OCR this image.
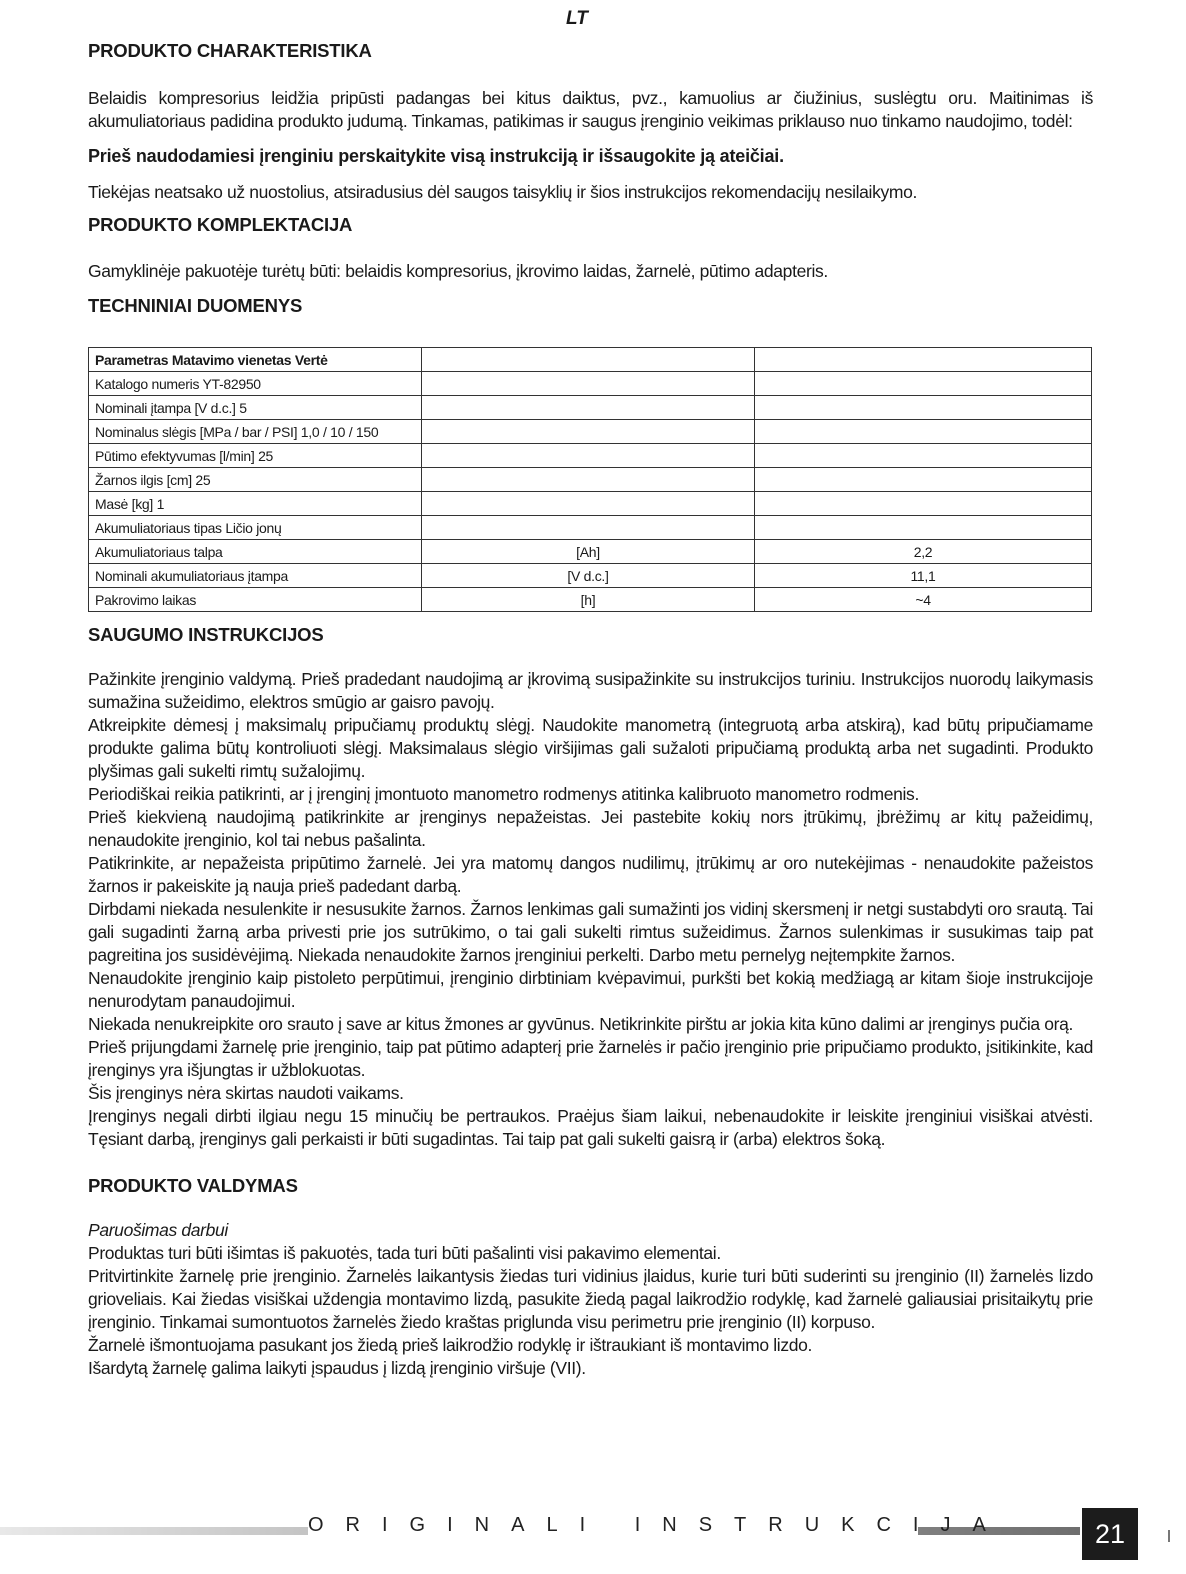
LT
PRODUKTO CHARAKTERISTIKA

Belaidis kompresorius leidžia pripūsti padangas bei kitus daiktus, pvz., kamuolius ar čiužinius, suslėgtu oru. Maitinimas iš akumuliatoriaus padidina produkto judumą. Tinkamas, patikimas ir saugus įrenginio veikimas priklauso nuo tinkamo naudojimo, todėl:

Prieš naudodamiesi įrenginiu perskaitykite visą instrukciją ir išsaugokite ją ateičiai.

Tiekėjas neatsako už nuostolius, atsiradusius dėl saugos taisyklių ir šios instrukcijos rekomendacijų nesilaikymo.

PRODUKTO KOMPLEKTACIJA

Gamyklinėje pakuotėje turėtų būti: belaidis kompresorius, įkrovimo laidas, žarnelė, pūtimo adapteris.

TECHNINIAI DUOMENYS
Parametras Matavimo vienetas Vertė		
Katalogo numeris YT-82950		
Nominali įtampa [V d.c.] 5		
Nominalus slėgis [MPa / bar / PSI] 1,0 / 10 / 150		
Pūtimo efektyvumas [l/min] 25		
Žarnos ilgis [cm] 25		
Masė [kg] 1		
Akumuliatoriaus tipas Ličio jonų		
Akumuliatoriaus talpa	[Ah]	2,2
Nominali akumuliatoriaus įtampa	[V d.c.]	11,1
Pakrovimo laikas	[h]	~4
SAUGUMO INSTRUKCIJOS

Pažinkite įrenginio valdymą. Prieš pradedant naudojimą ar įkrovimą susipažinkite su instrukcijos turiniu. Instrukcijos nuorodų laikymasis sumažina sužeidimo, elektros smūgio ar gaisro pavojų.

Atkreipkite dėmesį į maksimalų pripučiamų produktų slėgį. Naudokite manometrą (integruotą arba atskirą), kad būtų pripučiamame produkte galima būtų kontroliuoti slėgį. Maksimalaus slėgio viršijimas gali sužaloti pripučiamą produktą arba net sugadinti. Produkto plyšimas gali sukelti rimtų sužalojimų.

Periodiškai reikia patikrinti, ar į įrenginį įmontuoto manometro rodmenys atitinka kalibruoto manometro rodmenis.

Prieš kiekvieną naudojimą patikrinkite ar įrenginys nepažeistas. Jei pastebite kokių nors įtrūkimų, įbrėžimų ar kitų pažeidimų, nenaudokite įrenginio, kol tai nebus pašalinta.

Patikrinkite, ar nepažeista pripūtimo žarnelė. Jei yra matomų dangos nudilimų, įtrūkimų ar oro nutekėjimas - nenaudokite pažeistos žarnos ir pakeiskite ją nauja prieš padedant darbą.

Dirbdami niekada nesulenkite ir nesusukite žarnos. Žarnos lenkimas gali sumažinti jos vidinį skersmenį ir netgi sustabdyti oro srautą. Tai gali sugadinti žarną arba privesti prie jos sutrūkimo, o tai gali sukelti rimtus sužeidimus. Žarnos sulenkimas ir susukimas taip pat pagreitina jos susidėvėjimą. Niekada nenaudokite žarnos įrenginiui perkelti. Darbo metu pernelyg neįtempkite žarnos.

Nenaudokite įrenginio kaip pistoleto perpūtimui, įrenginio dirbtiniam kvėpavimui, purkšti bet kokią medžiagą ar kitam šioje instrukcijoje nenurodytam panaudojimui.

Niekada nenukreipkite oro srauto į save ar kitus žmones ar gyvūnus. Netikrinkite pirštu ar jokia kita kūno dalimi ar įrenginys pučia orą.

Prieš prijungdami žarnelę prie įrenginio, taip pat pūtimo adapterį prie žarnelės ir pačio įrenginio prie pripučiamo produkto, įsitikinkite, kad įrenginys yra išjungtas ir užblokuotas.

Šis įrenginys nėra skirtas naudoti vaikams.

Įrenginys negali dirbti ilgiau negu 15 minučių be pertraukos. Praėjus šiam laikui, nebenaudokite ir leiskite įrenginiui visiškai atvėsti. Tęsiant darbą, įrenginys gali perkaisti ir būti sugadintas. Tai taip pat gali sukelti gaisrą ir (arba) elektros šoką.

PRODUKTO VALDYMAS

Paruošimas darbui

Produktas turi būti išimtas iš pakuotės, tada turi būti pašalinti visi pakavimo elementai.

Pritvirtinkite žarnelę prie įrenginio. Žarnelės laikantysis žiedas turi vidinius įlaidus, kurie turi būti suderinti su įrenginio (II) žarnelės lizdo grioveliais. Kai žiedas visiškai uždengia montavimo lizdą, pasukite žiedą pagal laikrodžio rodyklę, kad žarnelė galiausiai prisitaikytų prie įrenginio. Tinkamai sumontuotos žarnelės žiedo kraštas priglunda visu perimetru prie įrenginio (II) korpuso.

Žarnelė išmontuojama pasukant jos žiedą prieš laikrodžio rodyklę ir ištraukiant iš montavimo lizdo.

Išardytą žarnelę galima laikyti įspaudus į lizdą įrenginio viršuje (VII).

ORIGINALI INSTRUKCIJA	21
